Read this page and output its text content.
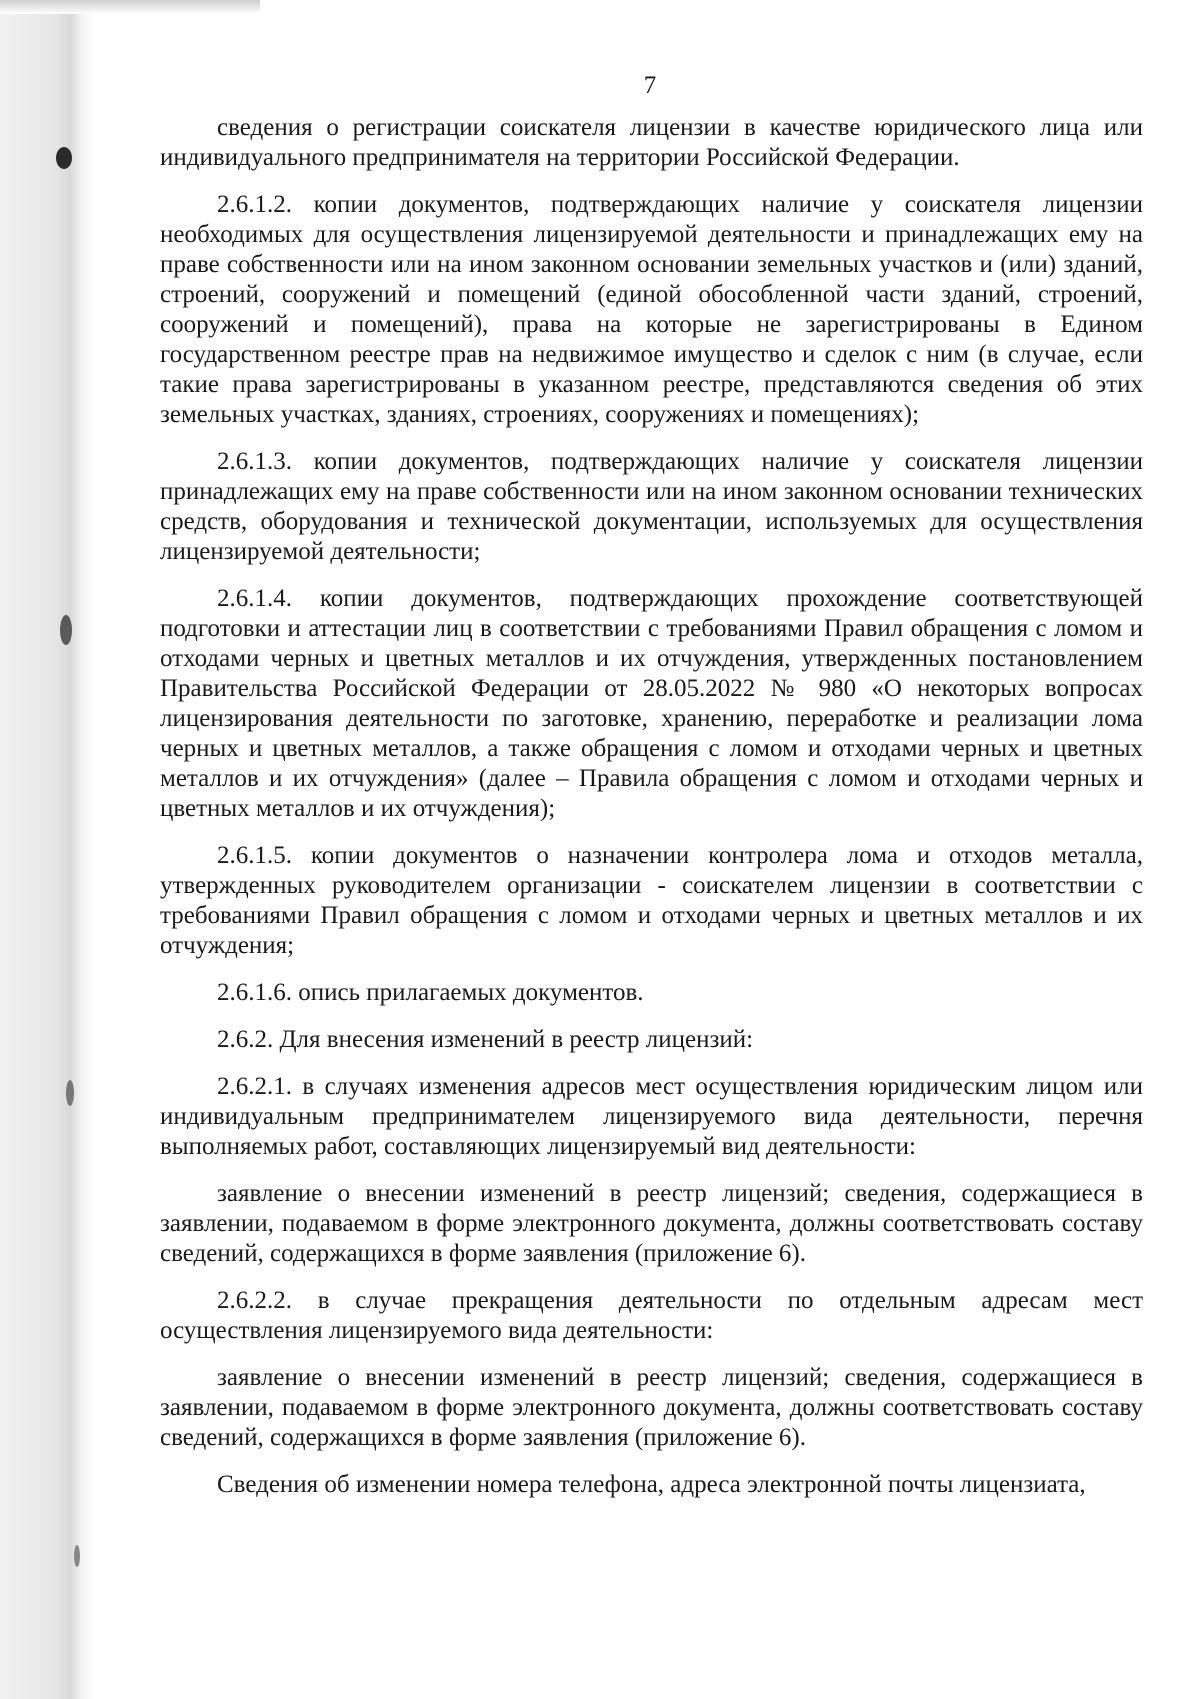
7

сведения о регистрации соискателя лицензии в качестве юридического лица или индивидуального предпринимателя на территории Российской Федерации.

2.6.1.2. копии документов, подтверждающих наличие у соискателя лицензии необходимых для осуществления лицензируемой деятельности и принадлежащих ему на праве собственности или на ином законном основании земельных участков и (или) зданий, строений, сооружений и помещений (единой обособленной части зданий, строений, сооружений и помещений), права на которые не зарегистрированы в Едином государственном реестре прав на недвижимое имущество и сделок с ним (в случае, если такие права зарегистрированы в указанном реестре, представляются сведения об этих земельных участках, зданиях, строениях, сооружениях и помещениях);

2.6.1.3. копии документов, подтверждающих наличие у соискателя лицензии принадлежащих ему на праве собственности или на ином законном основании технических средств, оборудования и технической документации, используемых для осуществления лицензируемой деятельности;

2.6.1.4. копии документов, подтверждающих прохождение соответствующей подготовки и аттестации лиц в соответствии с требованиями Правил обращения с ломом и отходами черных и цветных металлов и их отчуждения, утвержденных постановлением Правительства Российской Федерации от 28.05.2022 № 980 «О некоторых вопросах лицензирования деятельности по заготовке, хранению, переработке и реализации лома черных и цветных металлов, а также обращения с ломом и отходами черных и цветных металлов и их отчуждения» (далее – Правила обращения с ломом и отходами черных и цветных металлов и их отчуждения);

2.6.1.5. копии документов о назначении контролера лома и отходов металла, утвержденных руководителем организации - соискателем лицензии в соответствии с требованиями Правил обращения с ломом и отходами черных и цветных металлов и их отчуждения;

2.6.1.6. опись прилагаемых документов.

2.6.2. Для внесения изменений в реестр лицензий:

2.6.2.1. в случаях изменения адресов мест осуществления юридическим лицом или индивидуальным предпринимателем лицензируемого вида деятельности, перечня выполняемых работ, составляющих лицензируемый вид деятельности:

заявление о внесении изменений в реестр лицензий; сведения, содержащиеся в заявлении, подаваемом в форме электронного документа, должны соответствовать составу сведений, содержащихся в форме заявления (приложение 6).

2.6.2.2. в случае прекращения деятельности по отдельным адресам мест осуществления лицензируемого вида деятельности:

заявление о внесении изменений в реестр лицензий; сведения, содержащиеся в заявлении, подаваемом в форме электронного документа, должны соответствовать составу сведений, содержащихся в форме заявления (приложение 6).

Сведения об изменении номера телефона, адреса электронной почты лицензиата,
